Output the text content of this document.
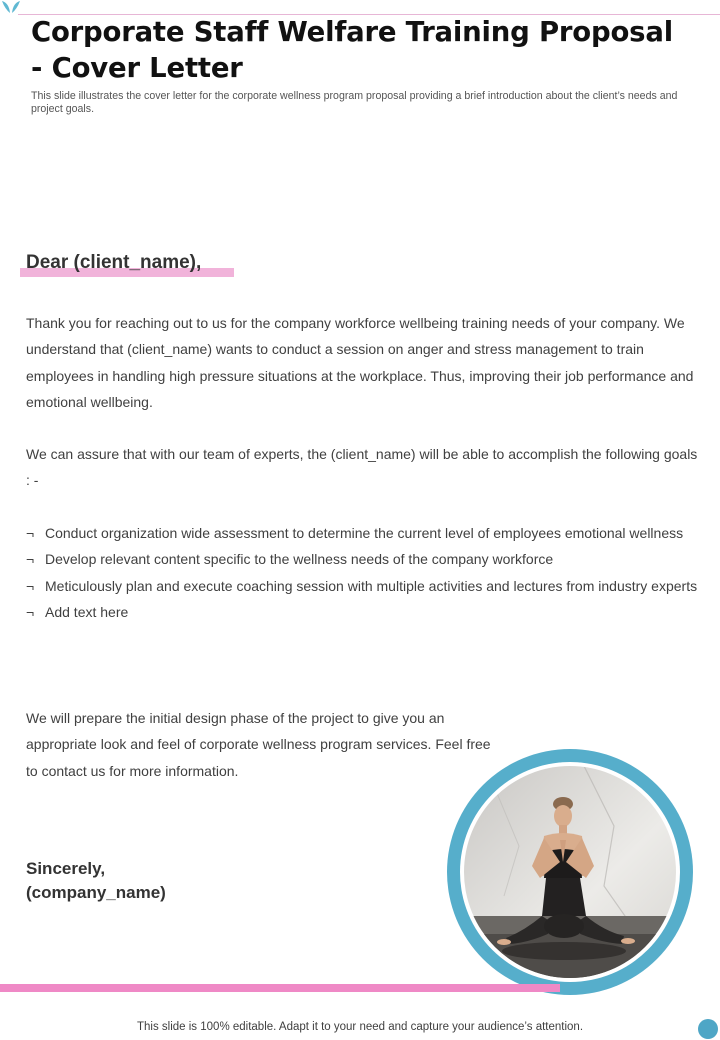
Corporate Staff Welfare Training Proposal - Cover Letter
This slide illustrates the cover letter for the corporate wellness program proposal providing a brief introduction about the client’s needs and project goals.
Dear (client_name),

Thank you for reaching out to us for the company workforce wellbeing training needs of your company. We understand that (client_name) wants to conduct a session on anger and stress management to train employees in handling high pressure situations at the workplace. Thus, improving their job performance and emotional wellbeing.

We can assure that with our team of experts, the (client_name) will be able to accomplish the following goals : -

¬ Conduct organization wide assessment to determine the current level of employees emotional wellness
¬ Develop relevant content specific to the wellness needs of the company workforce
¬ Meticulously plan and execute coaching session with multiple activities and lectures from industry experts
¬ Add text here

We will prepare the initial design phase of the project to give you an appropriate look and feel of corporate wellness program services. Feel free to contact us for more information.

Sincerely,
(company_name)
This slide is 100% editable. Adapt it to your need and capture your audience’s attention.
